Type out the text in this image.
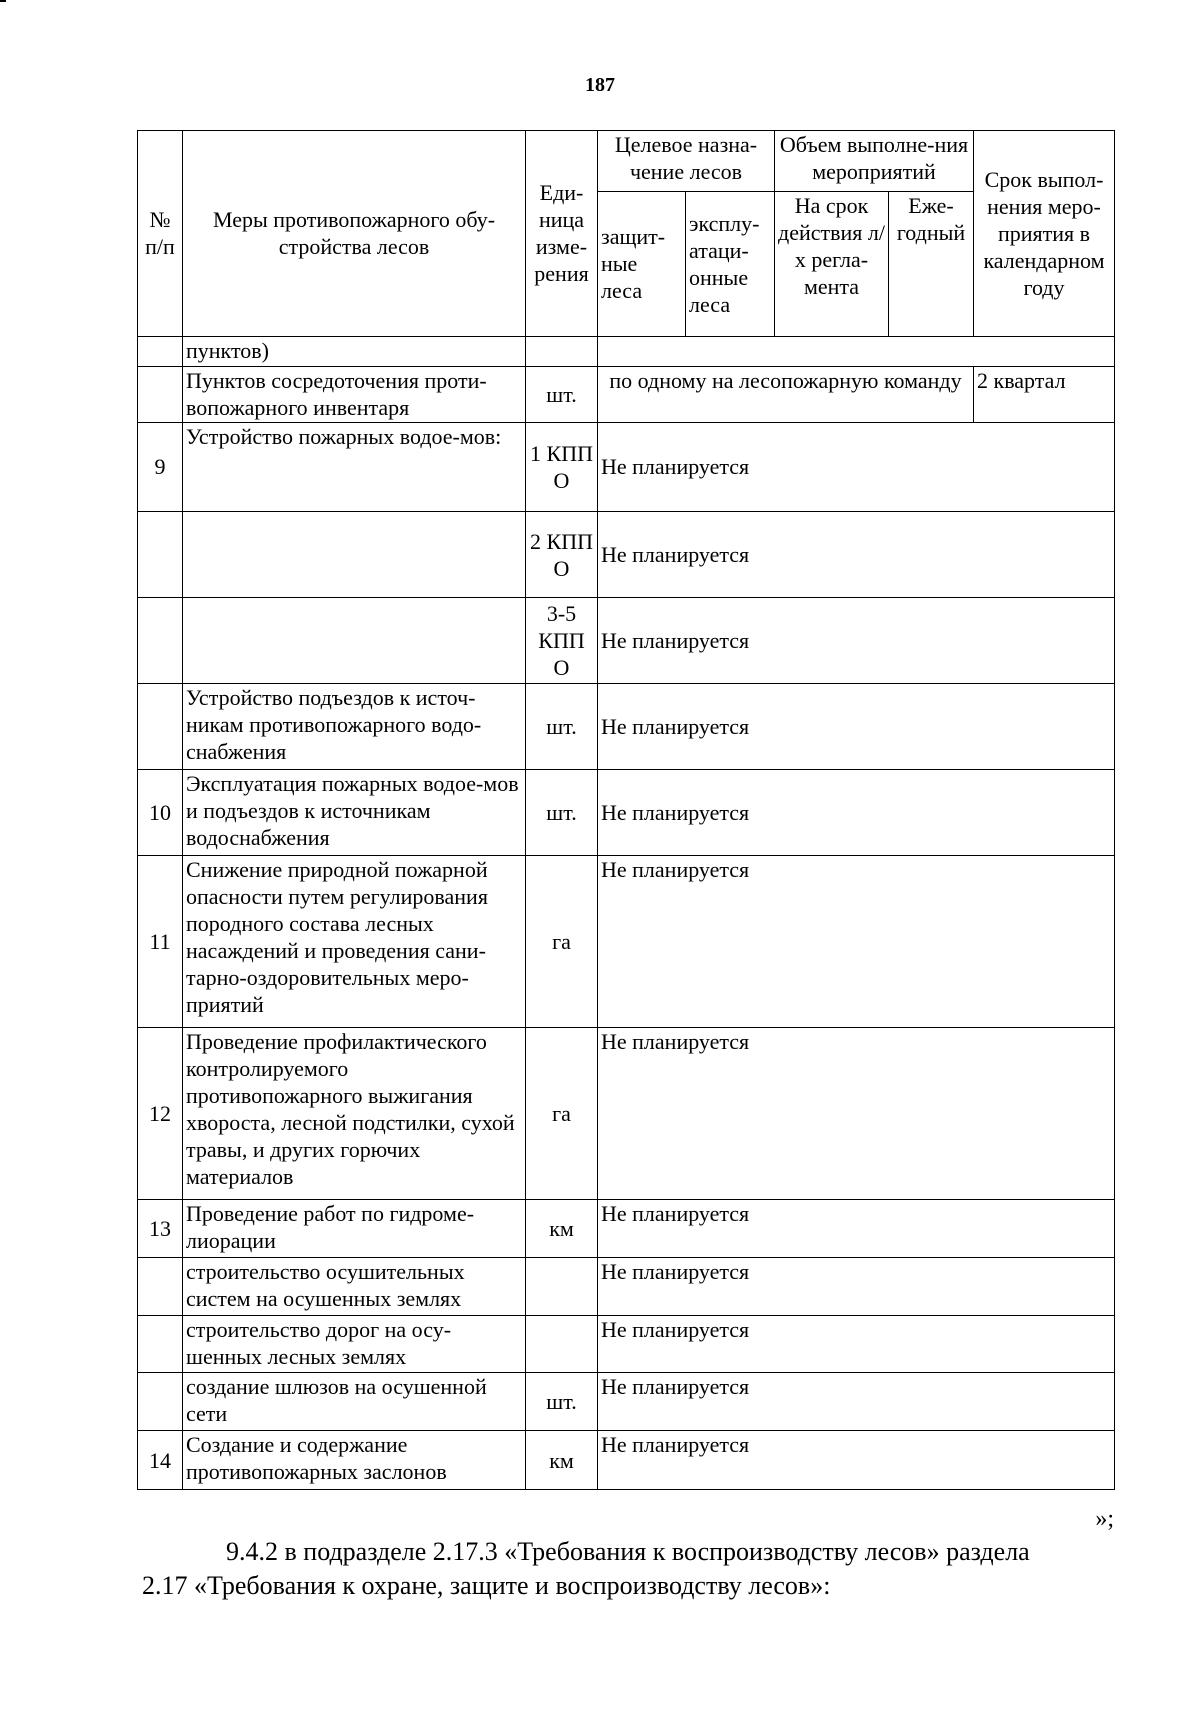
187
№ п/п	Меры противопожарного обу-стройства лесов	Еди-ница изме-рения	Целевое назна-чение лесов		Объем выполне-ния мероприятий		Срок выпол-нения меро-приятия в календарном году
			защит-ные леса	эксплу-атаци-онные леса	На срок действия л/х регла-мента	Еже-годный	
	пунктов)						
	Пунктов сосредоточения проти-вопожарного инвентаря	шт.	по одному на лесопожарную команду				2 квартал
9	Устройство пожарных водое-мов:	1 КПП О	Не планируется				
		2 КПП О	Не планируется				
		3-5 КПП О	Не планируется				
	Устройство подъездов к источ-никам противопожарного водо-снабжения	шт.	Не планируется				
10	Эксплуатация пожарных водое-мов и подъездов к источникам водоснабжения	шт.	Не планируется				
11	Снижение природной пожарной опасности путем регулирования породного состава лесных насаждений и проведения сани-тарно-оздоровительных меро-приятий	га	Не планируется				
12	Проведение профилактического контролируемого противопожарного выжигания хвороста, лесной подстилки, сухой травы, и других горючих материалов	га	Не планируется				
13	Проведение работ по гидроме-лиорации	км	Не планируется				
	строительство осушительных систем на осушенных землях		Не планируется				
	строительство дорог на осу-шенных лесных землях		Не планируется				
	создание шлюзов на осушенной сети	шт.	Не планируется				
14	Создание и содержание противопожарных заслонов	км	Не планируется				
»;
9.4.2 в подразделе 2.17.3 «Требования к воспроизводству лесов» раздела
2.17 «Требования к охране, защите и воспроизводству лесов»:
